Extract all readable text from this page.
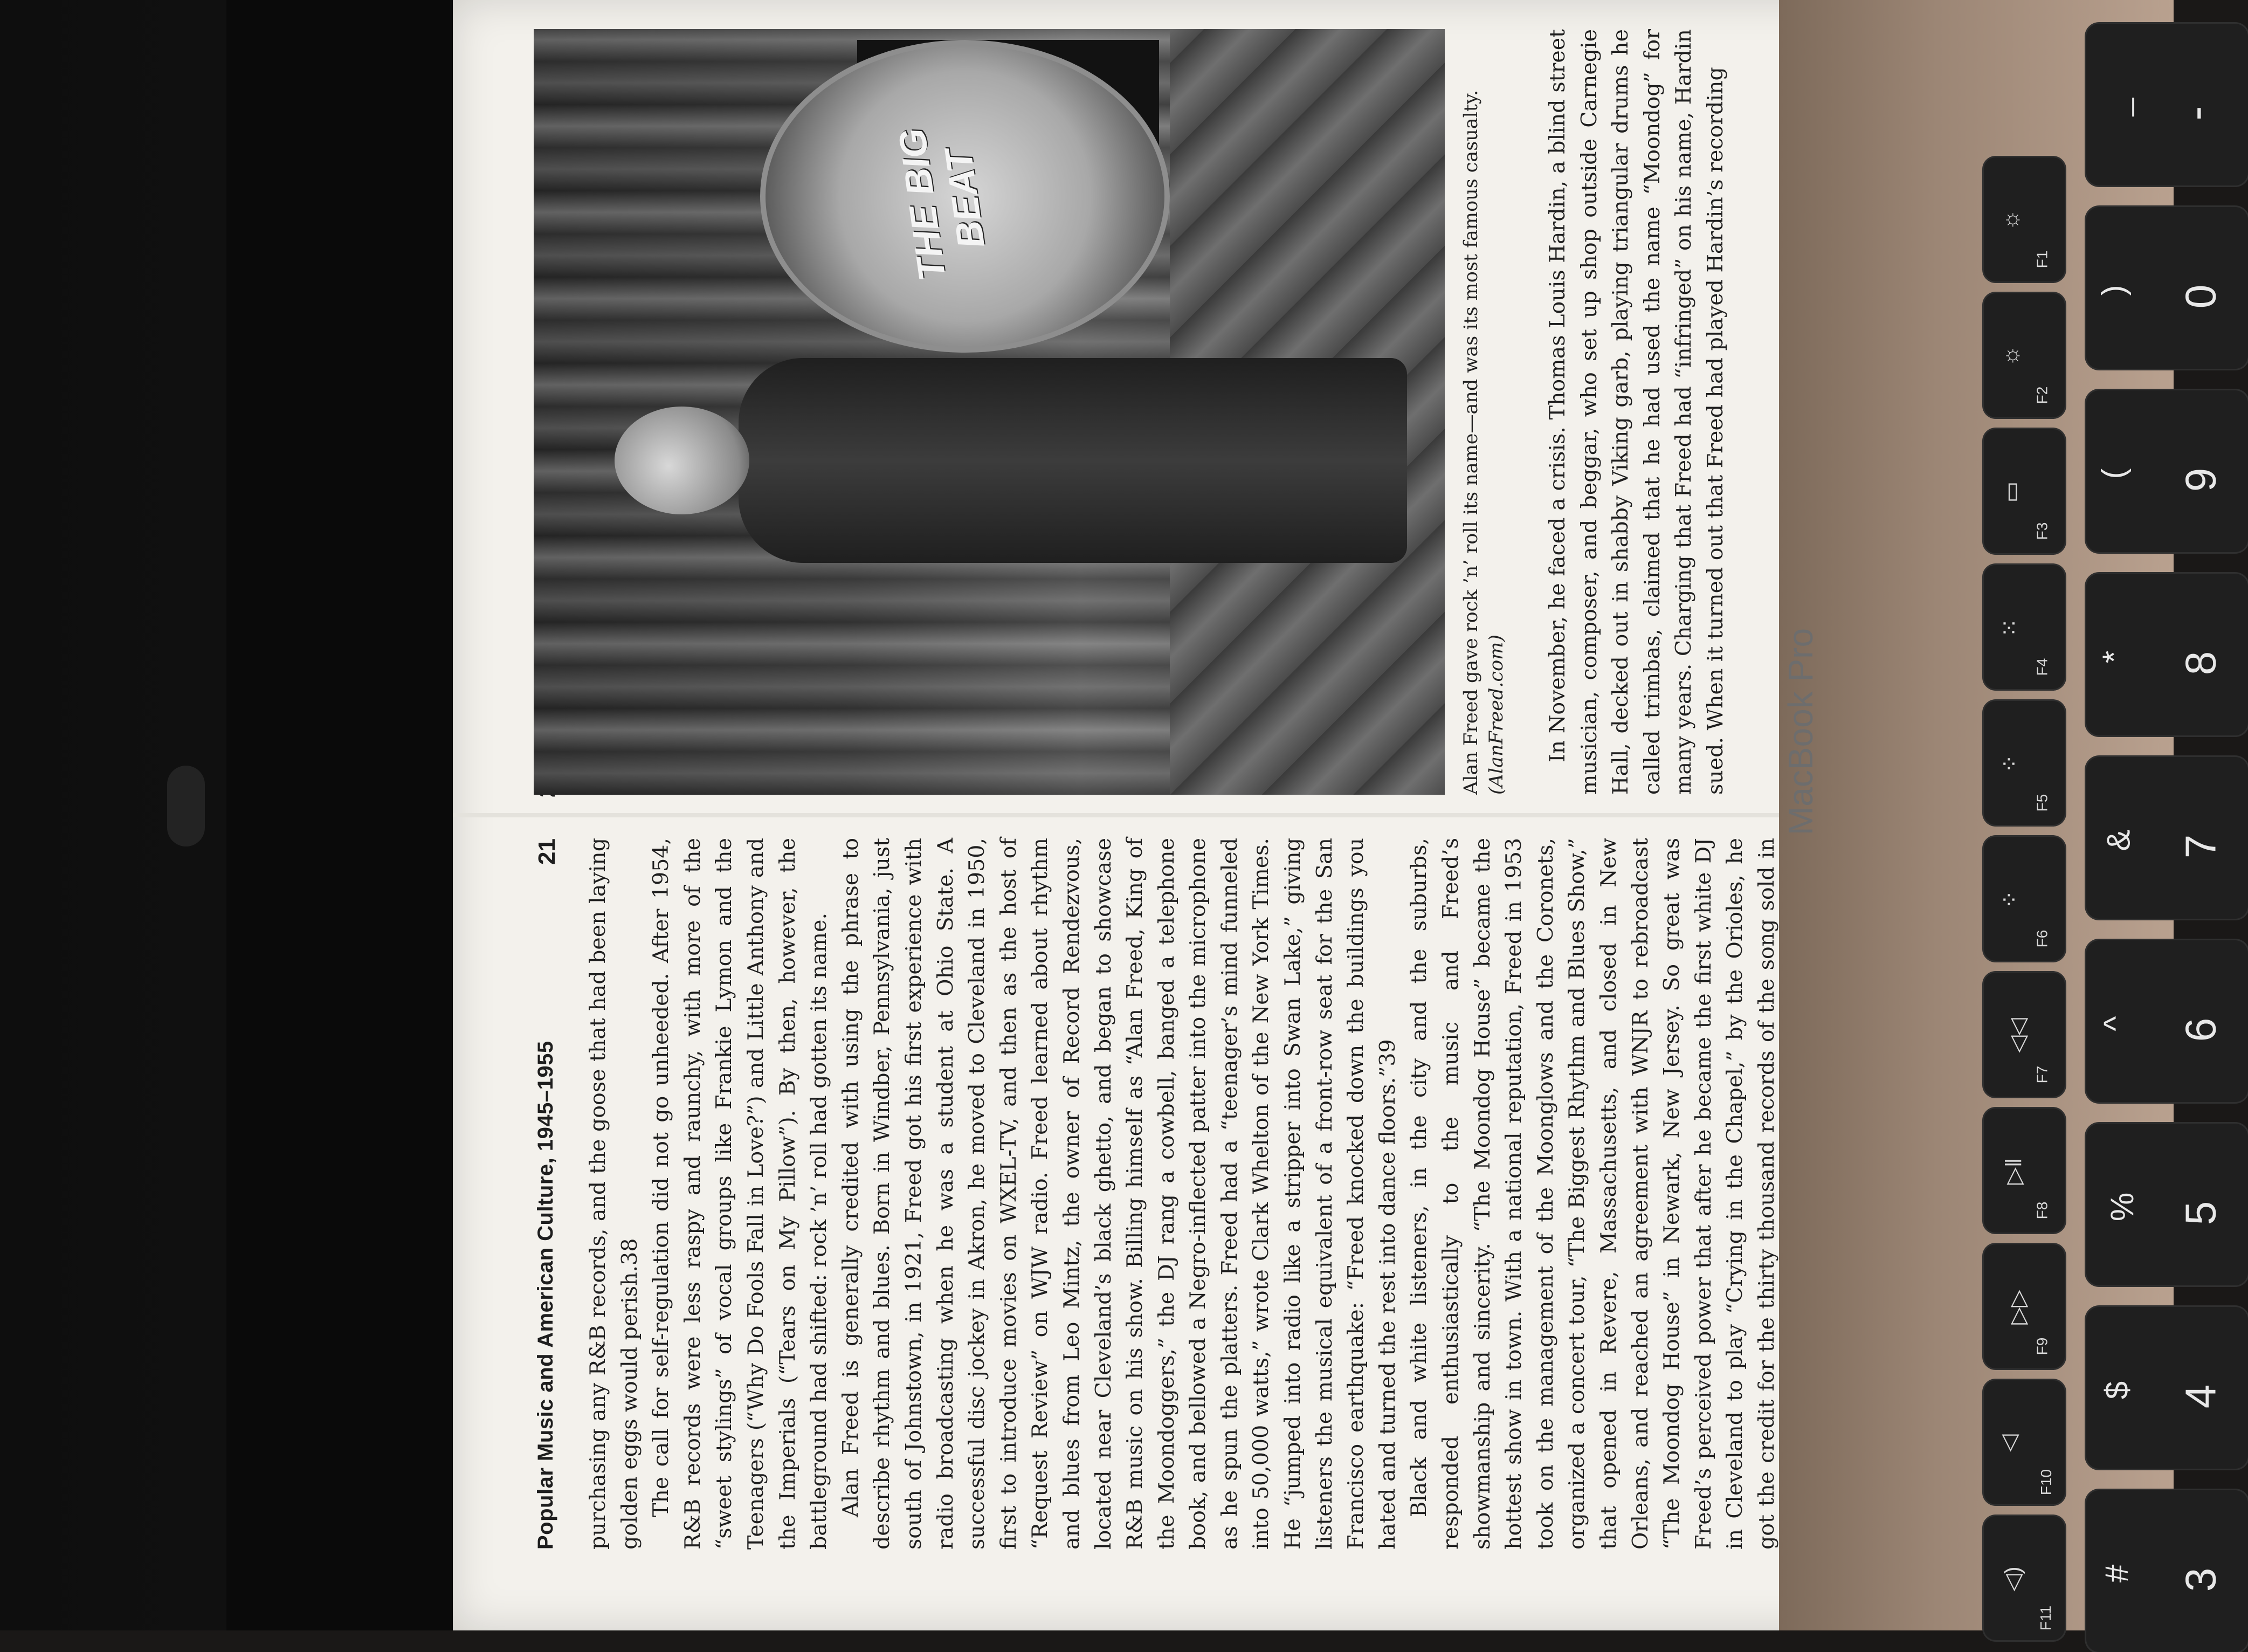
Popular Music and American Culture, 1945–1955
21 purchasing any R&B records, and the goose that had been laying golden eggs would perish.38 The call for self-regulation did not go unheeded. After 1954, R&B records were less raspy and raunchy, with more of the “sweet stylings” of vocal groups like Frankie Lymon and the Teenagers (“Why Do Fools Fall in Love?”) and Little Anthony and the Imperials (“Tears on My Pillow”). By then, however, the battleground had shifted: rock ’n’ roll had gotten its name. Alan Freed is generally credited with using the phrase to describe rhythm and blues. Born in Windber, Pennsylvania, just south of Johnstown, in 1921, Freed got his first experience with radio broadcasting when he was a student at Ohio State. A successful disc jockey in Akron, he moved to Cleveland in 1950, first to introduce movies on WXEL-TV, and then as the host of “Request Review” on WJW radio. Freed learned about rhythm and blues from Leo Mintz, the owner of Record Rendezvous, located near Cleveland’s black ghetto, and began to showcase R&B music on his show. Billing himself as “Alan Freed, King of the Moondoggers,” the DJ rang a cowbell, banged a telephone book, and bellowed a Negro-inflected patter into the microphone as he spun the platters. Freed had a “teenager’s mind funneled into 50,000 watts,” wrote Clark Whelton of the New York Times. He “jumped into radio like a stripper into Swan Lake,” giving listeners the musical equivalent of a front-row seat for the San Francisco earthquake: “Freed knocked down the buildings you hated and turned the rest into dance floors.”39 Black and white listeners, in the city and the suburbs, responded enthusiastically to the music and Freed’s showmanship and sincerity. “The Moondog House” became the hottest show in town. With a national reputation, Freed in 1953 took on the management of the Moonglows and the Coronets, organized a concert tour, “The Biggest Rhythm and Blues Show,” that opened in Revere, Massachusetts, and closed in New Orleans, and reached an agreement with WNJR to rebroadcast “The Moondog House” in Newark, New Jersey. So great was Freed’s perceived power that after he became the first white DJ in Cleveland to play “Crying in the Chapel,” by the Orioles, he got the credit for the thirty thousand records of the song sold in

THE BIG BEAT	Alan Freed gave rock ’n’ roll its name—and was its most famous casualty. (AlanFreed.com) In November, he faced a crisis. Thomas Louis Hardin, a blind street musician, composer, and beggar, who set up shop outside Carnegie Hall, decked out in shabby Viking garb, playing triangular drums he called trimbas, claimed that he had used the name “Moondog” for many years. Charging that Freed had “infringed” on his name, Hardin sued. When it turned out that Freed had played Hardin’s recording MacBook Pro
◁)
F11
◁
F10
▷▷
F9
▷‖
F8
◁◁
F7
⁘
F6
⁘
F5
⁙
F4
▭
F3
☼
F2
☼
F1
# 3
$ 4
% 5
^ 6
& 7
* 8
( 9
) 0
_ -
